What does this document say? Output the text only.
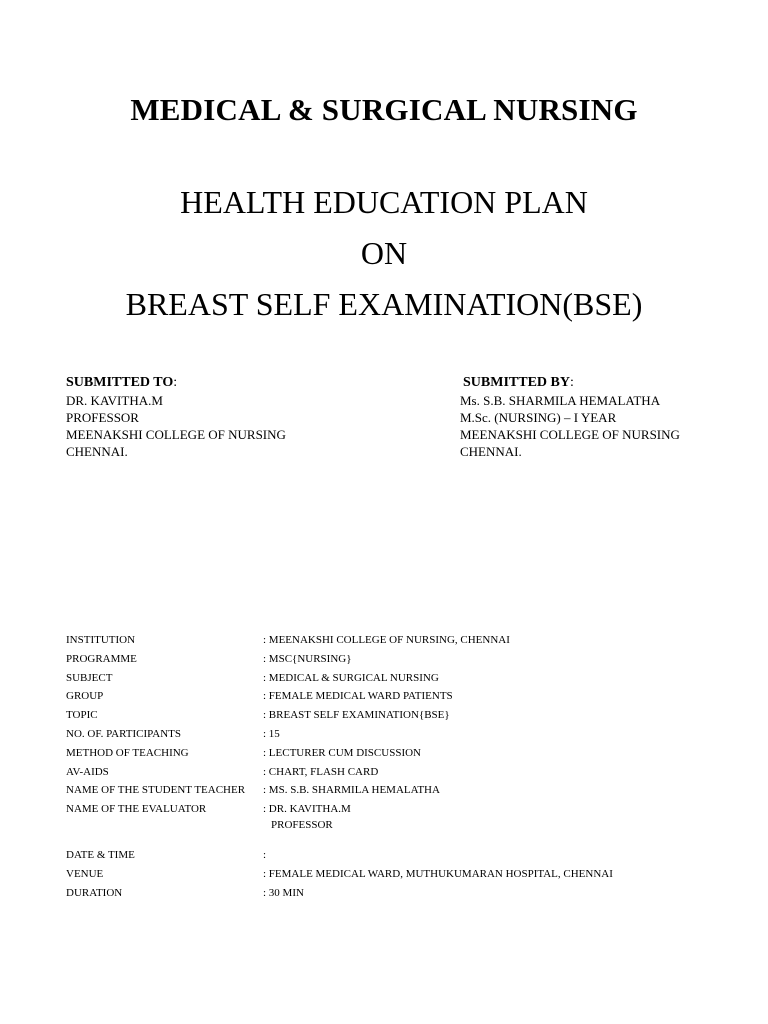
MEDICAL & SURGICAL NURSING
HEALTH EDUCATION PLAN
ON
BREAST SELF EXAMINATION(BSE)
SUBMITTED TO:
DR. KAVITHA.M
PROFESSOR
MEENAKSHI COLLEGE OF NURSING
CHENNAI.
SUBMITTED BY:
Ms. S.B. SHARMILA HEMALATHA
M.Sc. (NURSING) – I YEAR
MEENAKSHI COLLEGE OF NURSING
CHENNAI.
INSTITUTION	: MEENAKSHI COLLEGE OF NURSING, CHENNAI
PROGRAMME	: MSC{NURSING}
SUBJECT	: MEDICAL & SURGICAL NURSING
GROUP	: FEMALE MEDICAL WARD PATIENTS
TOPIC	: BREAST SELF EXAMINATION{BSE}
NO. OF. PARTICIPANTS	: 15
METHOD OF TEACHING	: LECTURER CUM DISCUSSION
AV-AIDS	: CHART, FLASH CARD
NAME OF THE STUDENT TEACHER	: MS. S.B. SHARMILA HEMALATHA
NAME OF THE EVALUATOR	: DR. KAVITHA.M
PROFESSOR
DATE & TIME	:
VENUE	: FEMALE MEDICAL WARD, MUTHUKUMARAN HOSPITAL, CHENNAI
DURATION	: 30 MIN
